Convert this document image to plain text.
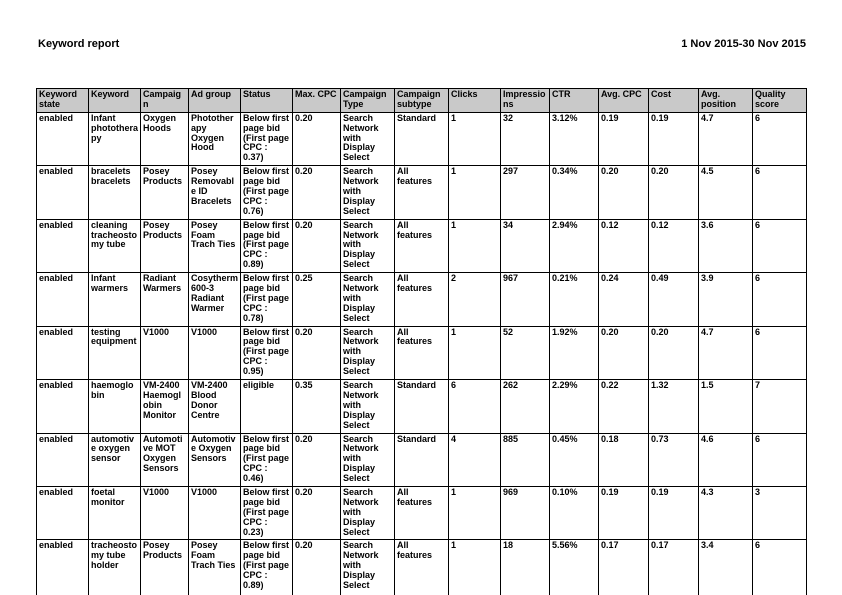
Keyword report	1 Nov 2015-30 Nov 2015
Keyword state	Keyword	Campaign	Ad group	Status	Max. CPC	Campaign Type	Campaign subtype	Clicks	Impressions	CTR	Avg. CPC	Cost	Avg. position	Quality score
enabled	Infant phototherapy	Oxygen Hoods	Phototherapy Oxygen Hood	Below first page bid (First page CPC : 0.37)	0.20	Search Network with Display Select	Standard	1	32	3.12%	0.19	0.19	4.7	6
enabled	bracelets bracelets	Posey Products	Posey Removable ID Bracelets	Below first page bid (First page CPC : 0.76)	0.20	Search Network with Display Select	All features	1	297	0.34%	0.20	0.20	4.5	6
enabled	cleaning tracheostomy tube	Posey Products	Posey Foam Trach Ties	Below first page bid (First page CPC : 0.89)	0.20	Search Network with Display Select	All features	1	34	2.94%	0.12	0.12	3.6	6
enabled	Infant warmers	Radiant Warmers	Cosytherm 600-3 Radiant Warmer	Below first page bid (First page CPC : 0.78)	0.25	Search Network with Display Select	All features	2	967	0.21%	0.24	0.49	3.9	6
enabled	testing equipment	V1000	V1000	Below first page bid (First page CPC : 0.95)	0.20	Search Network with Display Select	All features	1	52	1.92%	0.20	0.20	4.7	6
enabled	haemoglobin	VM-2400 Haemoglobin Monitor	VM-2400 Blood Donor Centre	eligible	0.35	Search Network with Display Select	Standard	6	262	2.29%	0.22	1.32	1.5	7
enabled	automotive oxygen sensor	Automotive MOT Oxygen Sensors	Automotive Oxygen Sensors	Below first page bid (First page CPC : 0.46)	0.20	Search Network with Display Select	Standard	4	885	0.45%	0.18	0.73	4.6	6
enabled	foetal monitor	V1000	V1000	Below first page bid (First page CPC : 0.23)	0.20	Search Network with Display Select	All features	1	969	0.10%	0.19	0.19	4.3	3
enabled	tracheostomy tube holder	Posey Products	Posey Foam Trach Ties	Below first page bid (First page CPC : 0.89)	0.20	Search Network with Display Select	All features	1	18	5.56%	0.17	0.17	3.4	6
